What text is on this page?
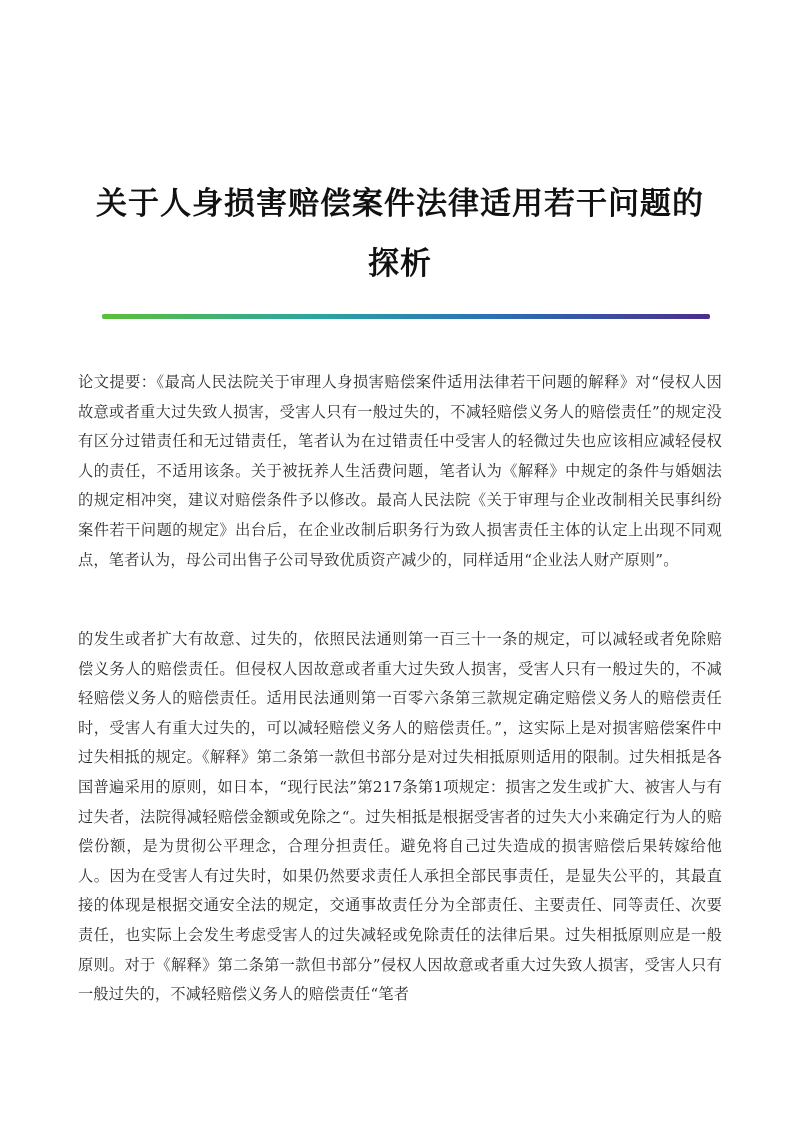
关于人身损害赔偿案件法律适用若干问题的
探析

论文提要：《最高人民法院关于审理人身损害赔偿案件适用法律若干问题的解释》对“侵权人因故意或者重大过失致人损害，受害人只有一般过失的，不减轻赔偿义务人的赔偿责任”的规定没有区分过错责任和无过错责任，笔者认为在过错责任中受害人的轻微过失也应该相应减轻侵权人的责任，不适用该条。关于被抚养人生活费问题，笔者认为《解释》中规定的条件与婚姻法的规定相冲突，建议对赔偿条件予以修改。最高人民法院《关于审理与企业改制相关民事纠纷案件若干问题的规定》出台后，在企业改制后职务行为致人损害责任主体的认定上出现不同观点，笔者认为，母公司出售子公司导致优质资产减少的，同样适用“企业法人财产原则”。

的发生或者扩大有故意、过失的，依照民法通则第一百三十一条的规定，可以减轻或者免除赔偿义务人的赔偿责任。但侵权人因故意或者重大过失致人损害，受害人只有一般过失的，不减轻赔偿义务人的赔偿责任。适用民法通则第一百零六条第三款规定确定赔偿义务人的赔偿责任时，受害人有重大过失的，可以减轻赔偿义务人的赔偿责任。”，这实际上是对损害赔偿案件中过失相抵的规定。《解释》第二条第一款但书部分是对过失相抵原则适用的限制。过失相抵是各国普遍采用的原则，如日本，“现行民法”第217条第1项规定：损害之发生或扩大、被害人与有过失者，法院得减轻赔偿金额或免除之“。过失相抵是根据受害者的过失大小来确定行为人的赔偿份额，是为贯彻公平理念，合理分担责任。避免将自己过失造成的损害赔偿后果转嫁给他人。因为在受害人有过失时，如果仍然要求责任人承担全部民事责任，是显失公平的，其最直接的体现是根据交通安全法的规定，交通事故责任分为全部责任、主要责任、同等责任、次要责任，也实际上会发生考虑受害人的过失减轻或免除责任的法律后果。过失相抵原则应是一般原则。对于《解释》第二条第一款但书部分”侵权人因故意或者重大过失致人损害，受害人只有一般过失的，不减轻赔偿义务人的赔偿责任“笔者
